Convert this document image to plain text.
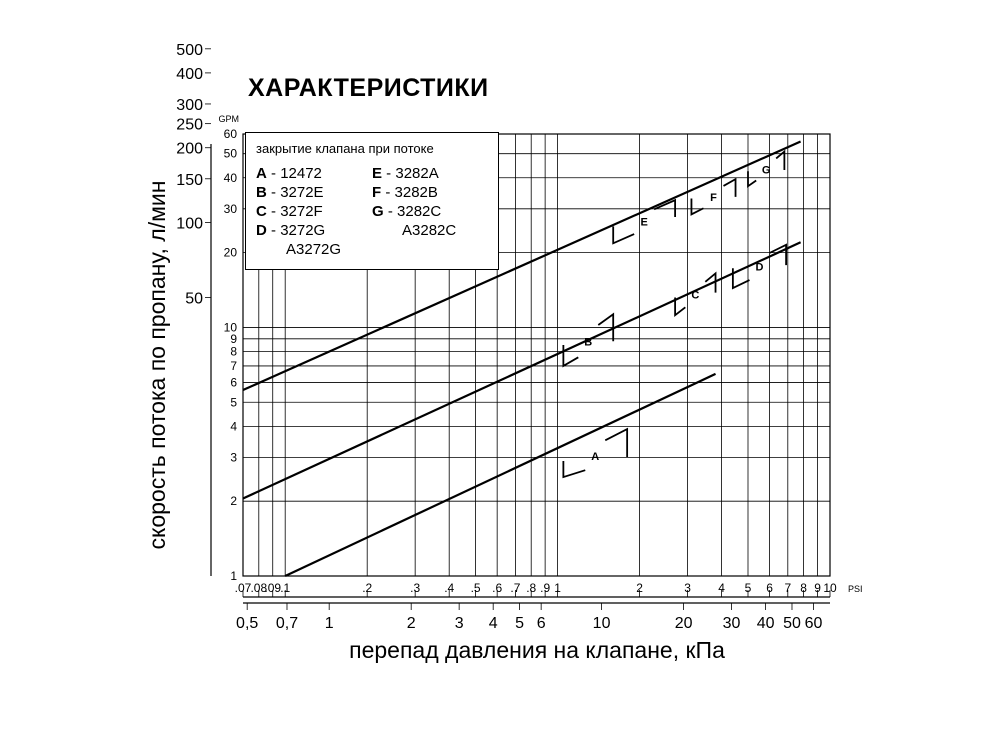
ХАРАКТЕРИСТИКИ
A
B
C
D
E
F
G
.07 .08
.09 .1	.2	.3 .4 .5 .6 .7 .8 .9 1	2	3 4 5 6 7 8 9 10 PSI
0,5 0,7 1	2 3 4 5 6	10	20 30 40 50 60
перепад давления на клапане, кПа
1
2
3
4
5
6
7
8
9
10
20
30
40
50
60
GPM
50
100
150
200
250
300
400
500
скорость потока по пропану, л/мин
закрытие клапана при потоке
A - 12472
B - 3272E
C - 3272F
D - 3272G
A3272G
E - 3282A
F - 3282B
G - 3282C
A3282C
